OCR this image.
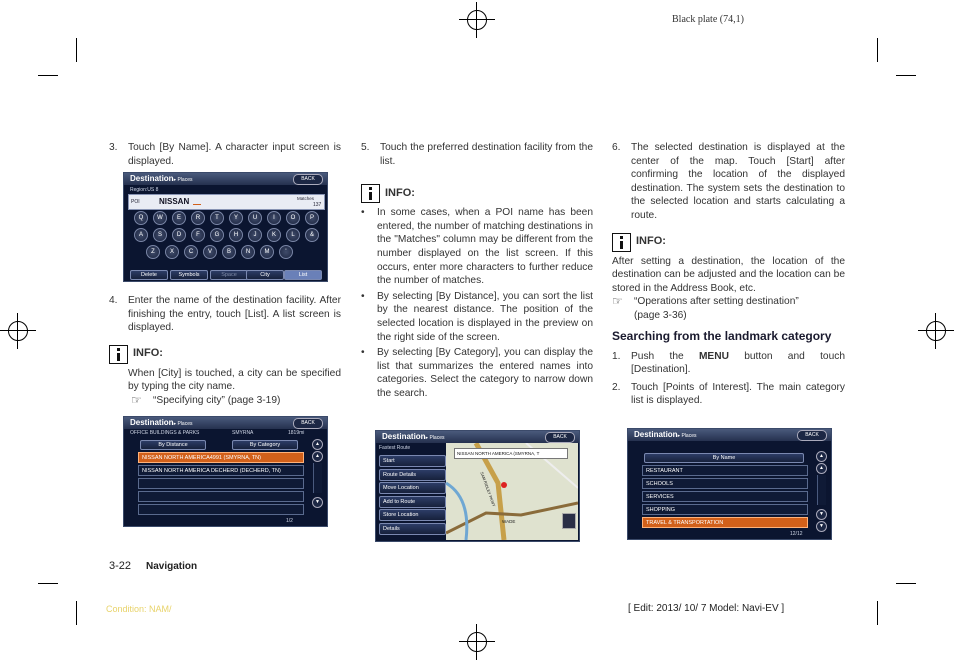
Black plate (74,1)
3.	Touch [By Name]. A character input screen is displayed.
Destination▸ Places	BACK
Region:US 8
POI NISSAN	Matches
137
Q	W	E	R	T	Y	U	I	O	P
A	S	D	F	G	H	J	K	L	&
Z	X	C	V	B	N	M	'
Delete	Symbols	Space	City	List
4.	Enter the name of the destination facility. After finishing the entry, touch [List]. A list screen is displayed.
INFO:
When [City] is touched, a city can be specified by typing the city name.
☞	“Specifying city” (page 3-19)
Destination▸ Places	BACK
OFFICE BUILDINGS & PARKS	SMYRNA	1819mi
By Distance	By Category
NISSAN NORTH AMERICA4991 (SMYRNA, TN)
NISSAN NORTH AMERICA DECHERD (DECHERD, TN)
▲
▲
▼
1/2
5.	Touch the preferred destination facility from the list.
INFO:
•	In some cases, when a POI name has been entered, the number of matching destinations in the "Matches" column may be different from the number displayed on the list screen. If this occurs, enter more characters to further reduce the number of matches.
•	By selecting [By Distance], you can sort the list by the nearest distance. The position of the selected location is displayed in the preview on the right side of the screen.
•	By selecting [By Category], you can display the list that summarizes the entered names into categories. Select the category to narrow down the search.
Destination▸ Places	BACK
Fastest Route
Start
Route Details
Move Location
Add to Route
Store Location
Details
NISSAN NORTH AMERICA (SMYRNA, T
SAM RIDLEY PKWY
WADE
6.	The selected destination is displayed at the center of the map. Touch [Start] after confirming the location of the displayed destination. The system sets the destination to the selected location and starts calculating a route.
INFO:
After setting a destination, the location of the destination can be adjusted and the location can be stored in the Address Book, etc.
☞	“Operations after setting destination”
(page 3-36)
Searching from the landmark category
1.	Push the MENU button and touch [Destination].
2.	Touch [Points of Interest]. The main category list is displayed.
Destination▸ Places	BACK
By Name
RESTAURANT
SCHOOLS
SERVICES
SHOPPING
TRAVEL & TRANSPORTATION
▲
▲
▼
▼
12/12
3-22 Navigation
Condition: NAM/	[ Edit: 2013/ 10/ 7 Model: Navi-EV ]
